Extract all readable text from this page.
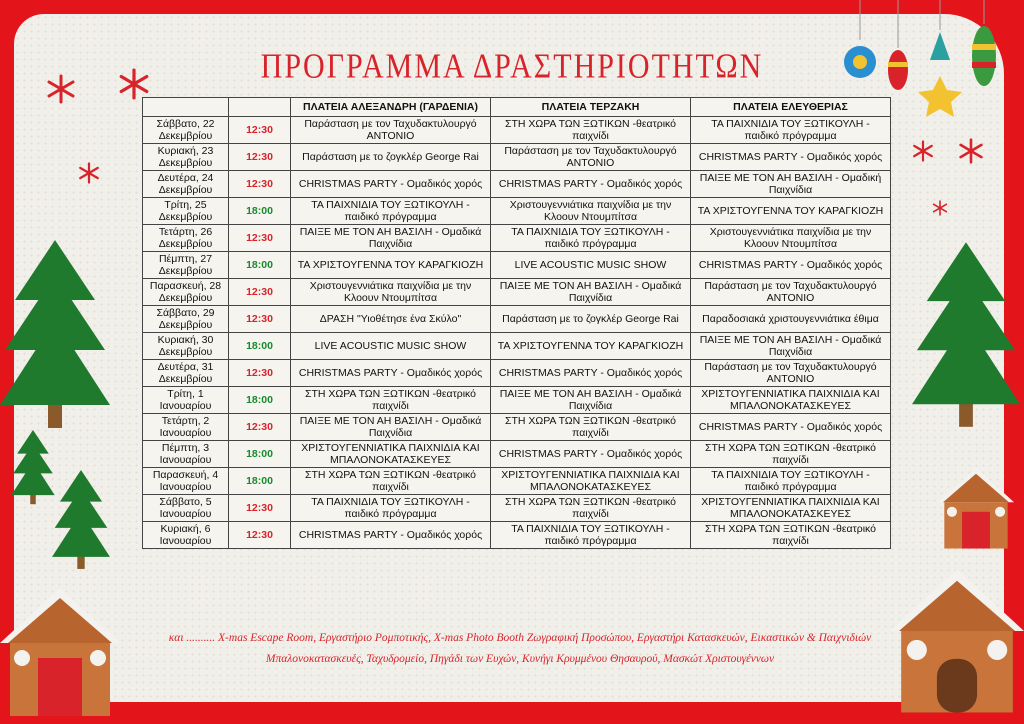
ΠΡΟΓΡΑΜΜΑ ΔΡΑΣΤΗΡΙΟΤΗΤΩΝ
		ΠΛΑΤΕΙΑ ΑΛΕΞΑΝΔΡΗ (ΓΑΡΔΕΝΙΑ)	ΠΛΑΤΕΙΑ ΤΕΡΖΑΚΗ	ΠΛΑΤΕΙΑ ΕΛΕΥΘΕΡΙΑΣ
Σάββατο, 22 Δεκεμβρίου	12:30	Παράσταση με τον Ταχυδακτυλουργό ΑΝΤΟΝΙΟ	ΣΤΗ ΧΩΡΑ ΤΩΝ ΞΩΤΙΚΩΝ -θεατρικό παιχνίδι	ΤΑ ΠΑΙΧΝΙΔΙΑ ΤΟΥ ΞΩΤΙΚΟΥΛΗ - παιδικό πρόγραμμα
Κυριακή, 23 Δεκεμβρίου	12:30	Παράσταση με το ζογκλέρ George Rai	Παράσταση με τον Ταχυδακτυλουργό ΑΝΤΟΝΙΟ	CHRISTMAS PARTY - Ομαδικός χορός
Δευτέρα, 24 Δεκεμβρίου	12:30	CHRISTMAS PARTY - Ομαδικός χορός	CHRISTMAS PARTY - Ομαδικός χορός	ΠΑΙΞΕ ΜΕ ΤΟΝ ΑΗ ΒΑΣΙΛΗ - Ομαδική Παιχνίδια
Τρίτη, 25 Δεκεμβρίου	18:00	ΤΑ ΠΑΙΧΝΙΔΙΑ ΤΟΥ ΞΩΤΙΚΟΥΛΗ - παιδικό πρόγραμμα	Χριστουγεννιάτικα παιχνίδια με την Κλοουν Ντουμπίτσα	ΤΑ ΧΡΙΣΤΟΥΓΕΝΝΑ ΤΟΥ ΚΑΡΑΓΚΙΟΖΗ
Τετάρτη, 26 Δεκεμβρίου	12:30	ΠΑΙΞΕ ΜΕ ΤΟΝ ΑΗ ΒΑΣΙΛΗ - Ομαδικά Παιχνίδια	ΤΑ ΠΑΙΧΝΙΔΙΑ ΤΟΥ ΞΩΤΙΚΟΥΛΗ - παιδικό πρόγραμμα	Χριστουγεννιάτικα παιχνίδια με την Κλοουν Ντουμπίτσα
Πέμπτη, 27 Δεκεμβρίου	18:00	ΤΑ ΧΡΙΣΤΟΥΓΕΝΝΑ ΤΟΥ ΚΑΡΑΓΚΙΟΖΗ	LIVE ACOUSTIC MUSIC SHOW	CHRISTMAS PARTY - Ομαδικός χορός
Παρασκευή, 28 Δεκεμβρίου	12:30	Χριστουγεννιάτικα παιχνίδια με την Κλοουν Ντουμπίτσα	ΠΑΙΞΕ ΜΕ ΤΟΝ ΑΗ ΒΑΣΙΛΗ - Ομαδικά Παιχνίδια	Παράσταση με τον Ταχυδακτυλουργό ΑΝΤΟΝΙΟ
Σάββατο, 29 Δεκεμβρίου	12:30	ΔΡΑΣΗ "Υιοθέτησε ένα Σκύλο"	Παράσταση με το ζογκλέρ George Rai	Παραδοσιακά χριστουγεννιάτικα έθιμα
Κυριακή, 30 Δεκεμβρίου	18:00	LIVE ACOUSTIC MUSIC SHOW	ΤΑ ΧΡΙΣΤΟΥΓΕΝΝΑ ΤΟΥ ΚΑΡΑΓΚΙΟΖΗ	ΠΑΙΞΕ ΜΕ ΤΟΝ ΑΗ ΒΑΣΙΛΗ - Ομαδικά Παιχνίδια
Δευτέρα, 31 Δεκεμβρίου	12:30	CHRISTMAS PARTY - Ομαδικός χορός	CHRISTMAS PARTY - Ομαδικός χορός	Παράσταση με τον Ταχυδακτυλουργό ΑΝΤΟΝΙΟ
Τρίτη, 1 Ιανουαρίου	18:00	ΣΤΗ ΧΩΡΑ ΤΩΝ ΞΩΤΙΚΩΝ -θεατρικό παιχνίδι	ΠΑΙΞΕ ΜΕ ΤΟΝ ΑΗ ΒΑΣΙΛΗ - Ομαδικά Παιχνίδια	ΧΡΙΣΤΟΥΓΕΝΝΙΑΤΙΚΑ ΠΑΙΧΝΙΔΙΑ ΚΑΙ ΜΠΑΛΟΝΟΚΑΤΑΣΚΕΥΕΣ
Τετάρτη, 2 Ιανουαρίου	12:30	ΠΑΙΞΕ ΜΕ ΤΟΝ ΑΗ ΒΑΣΙΛΗ - Ομαδικά Παιχνίδια	ΣΤΗ ΧΩΡΑ ΤΩΝ ΞΩΤΙΚΩΝ -θεατρικό παιχνίδι	CHRISTMAS PARTY - Ομαδικός χορός
Πέμπτη, 3 Ιανουαρίου	18:00	ΧΡΙΣΤΟΥΓΕΝΝΙΑΤΙΚΑ ΠΑΙΧΝΙΔΙΑ ΚΑΙ ΜΠΑΛΟΝΟΚΑΤΑΣΚΕΥΕΣ	CHRISTMAS PARTY - Ομαδικός χορός	ΣΤΗ ΧΩΡΑ ΤΩΝ ΞΩΤΙΚΩΝ -θεατρικό παιχνίδι
Παρασκευή, 4 Ιανουαρίου	18:00	ΣΤΗ ΧΩΡΑ ΤΩΝ ΞΩΤΙΚΩΝ -θεατρικό παιχνίδι	ΧΡΙΣΤΟΥΓΕΝΝΙΑΤΙΚΑ ΠΑΙΧΝΙΔΙΑ ΚΑΙ ΜΠΑΛΟΝΟΚΑΤΑΣΚΕΥΕΣ	ΤΑ ΠΑΙΧΝΙΔΙΑ ΤΟΥ ΞΩΤΙΚΟΥΛΗ - παιδικό πρόγραμμα
Σάββατο, 5 Ιανουαρίου	12:30	ΤΑ ΠΑΙΧΝΙΔΙΑ ΤΟΥ ΞΩΤΙΚΟΥΛΗ - παιδικό πρόγραμμα	ΣΤΗ ΧΩΡΑ ΤΩΝ ΞΩΤΙΚΩΝ -θεατρικό παιχνίδι	ΧΡΙΣΤΟΥΓΕΝΝΙΑΤΙΚΑ ΠΑΙΧΝΙΔΙΑ ΚΑΙ ΜΠΑΛΟΝΟΚΑΤΑΣΚΕΥΕΣ
Κυριακή, 6 Ιανουαρίου	12:30	CHRISTMAS PARTY - Ομαδικός χορός	ΤΑ ΠΑΙΧΝΙΔΙΑ ΤΟΥ ΞΩΤΙΚΟΥΛΗ - παιδικό πρόγραμμα	ΣΤΗ ΧΩΡΑ ΤΩΝ ΞΩΤΙΚΩΝ -θεατρικό παιχνίδι
και .......... X-mas Escape Room, Εργαστήριο Ρομποτικής, X-mas Photo Booth Ζωγραφική Προσώπου, Εργαστήρι Κατασκευών, Εικαστικών & Παιχνιδιών
Μπαλονοκατασκευές, Ταχυδρομείο, Πηγάδι των Ευχών, Κυνήγι Κρυμμένου Θησαυρού, Μασκώτ Χριστουγέννων
